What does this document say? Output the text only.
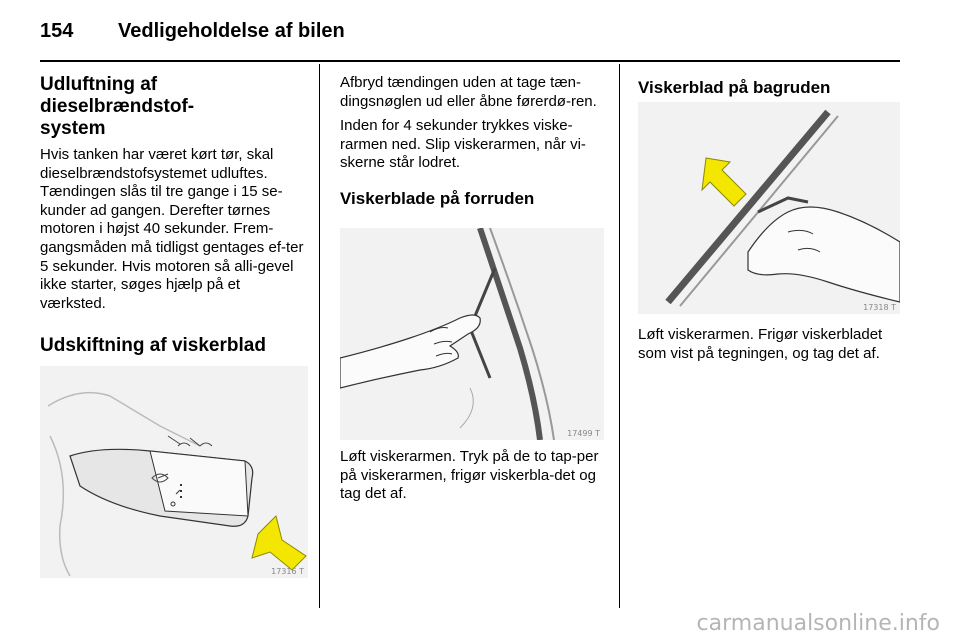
154 Vedligeholdelse af bilen
Udluftning af dieselbrændstof-
system

Hvis tanken har været kørt tør, skal dieselbrændstofsystemet udluftes. Tændingen slås til tre gange i 15 se-kunder ad gangen. Derefter tørnes motoren i højst 40 sekunder. Frem-gangsmåden må tidligst gentages ef-ter 5 sekunder. Hvis motoren så alli-gevel ikke starter, søges hjælp på et værksted.

Udskiftning af viskerblad
17316 T

Afbryd tændingen uden at tage tæn-dingsnøglen ud eller åbne førerdø-ren.

Inden for 4 sekunder trykkes viske-rarmen ned. Slip viskerarmen, når vi-skerne står lodret.

Viskerblade på forruden
17499 T

Løft viskerarmen. Tryk på de to tap-per på viskerarmen, frigør viskerbla-det og tag det af.

Viskerblad på bagruden
17318 T

Løft viskerarmen. Frigør viskerbladet som vist på tegningen, og tag det af.

carmanualsonline.info
